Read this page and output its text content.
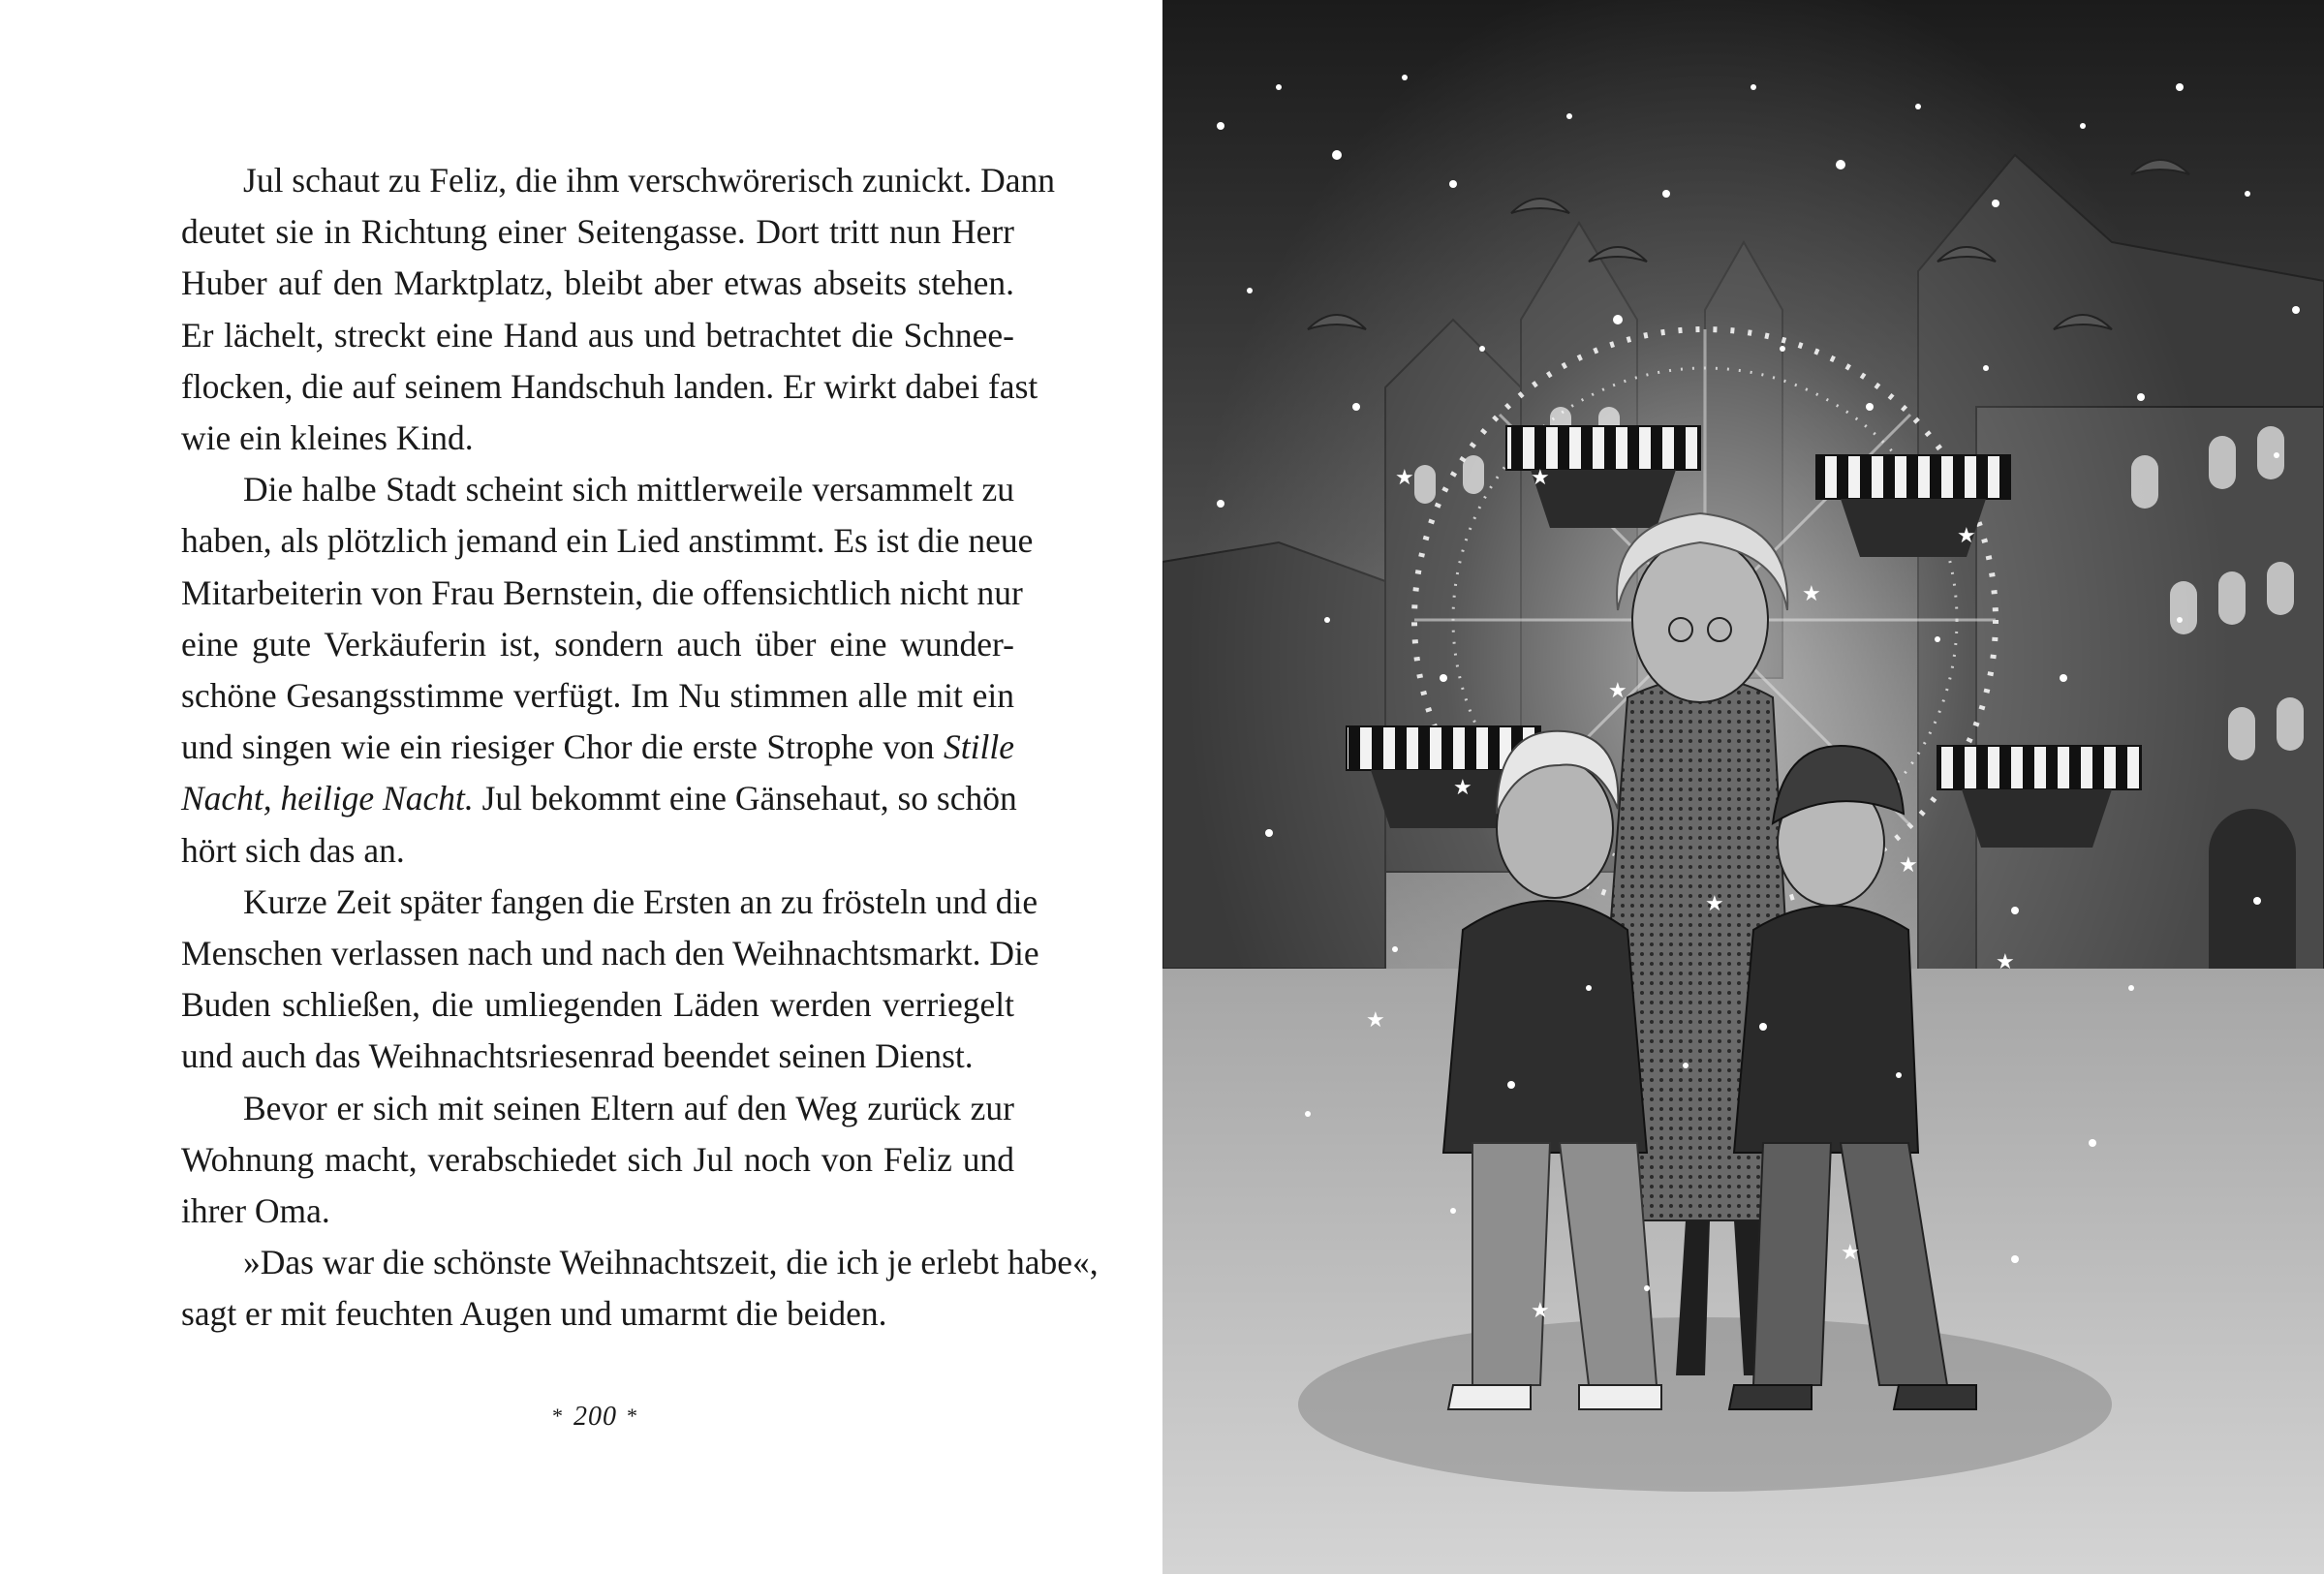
Jul schaut zu Feliz, die ihm verschwörerisch zunickt. Dann
deutet sie in Richtung einer Seitengasse. Dort tritt nun Herr
Huber auf den Marktplatz, bleibt aber etwas abseits stehen.
Er lächelt, streckt eine Hand aus und betrachtet die Schnee-
flocken, die auf seinem Handschuh landen. Er wirkt dabei fast
wie ein kleines Kind.

Die halbe Stadt scheint sich mittlerweile versammelt zu
haben, als plötzlich jemand ein Lied anstimmt. Es ist die neue
Mitarbeiterin von Frau Bernstein, die offensichtlich nicht nur
eine gute Verkäuferin ist, sondern auch über eine wunder-
schöne Gesangsstimme verfügt. Im Nu stimmen alle mit ein
und singen wie ein riesiger Chor die erste Strophe von Stille
Nacht, heilige Nacht. Jul bekommt eine Gänsehaut, so schön
hört sich das an.

Kurze Zeit später fangen die Ersten an zu frösteln und die
Menschen verlassen nach und nach den Weihnachtsmarkt. Die
Buden schließen, die umliegenden Läden werden verriegelt
und auch das Weihnachtsriesenrad beendet seinen Dienst.

Bevor er sich mit seinen Eltern auf den Weg zurück zur
Wohnung macht, verabschiedet sich Jul noch von Feliz und
ihrer Oma.

»Das war die schönste Weihnachtszeit, die ich je erlebt habe«,
sagt er mit feuchten Augen und umarmt die beiden.

* 200 *
★
★
★
★
★
★
★
★
★
★
★
★
